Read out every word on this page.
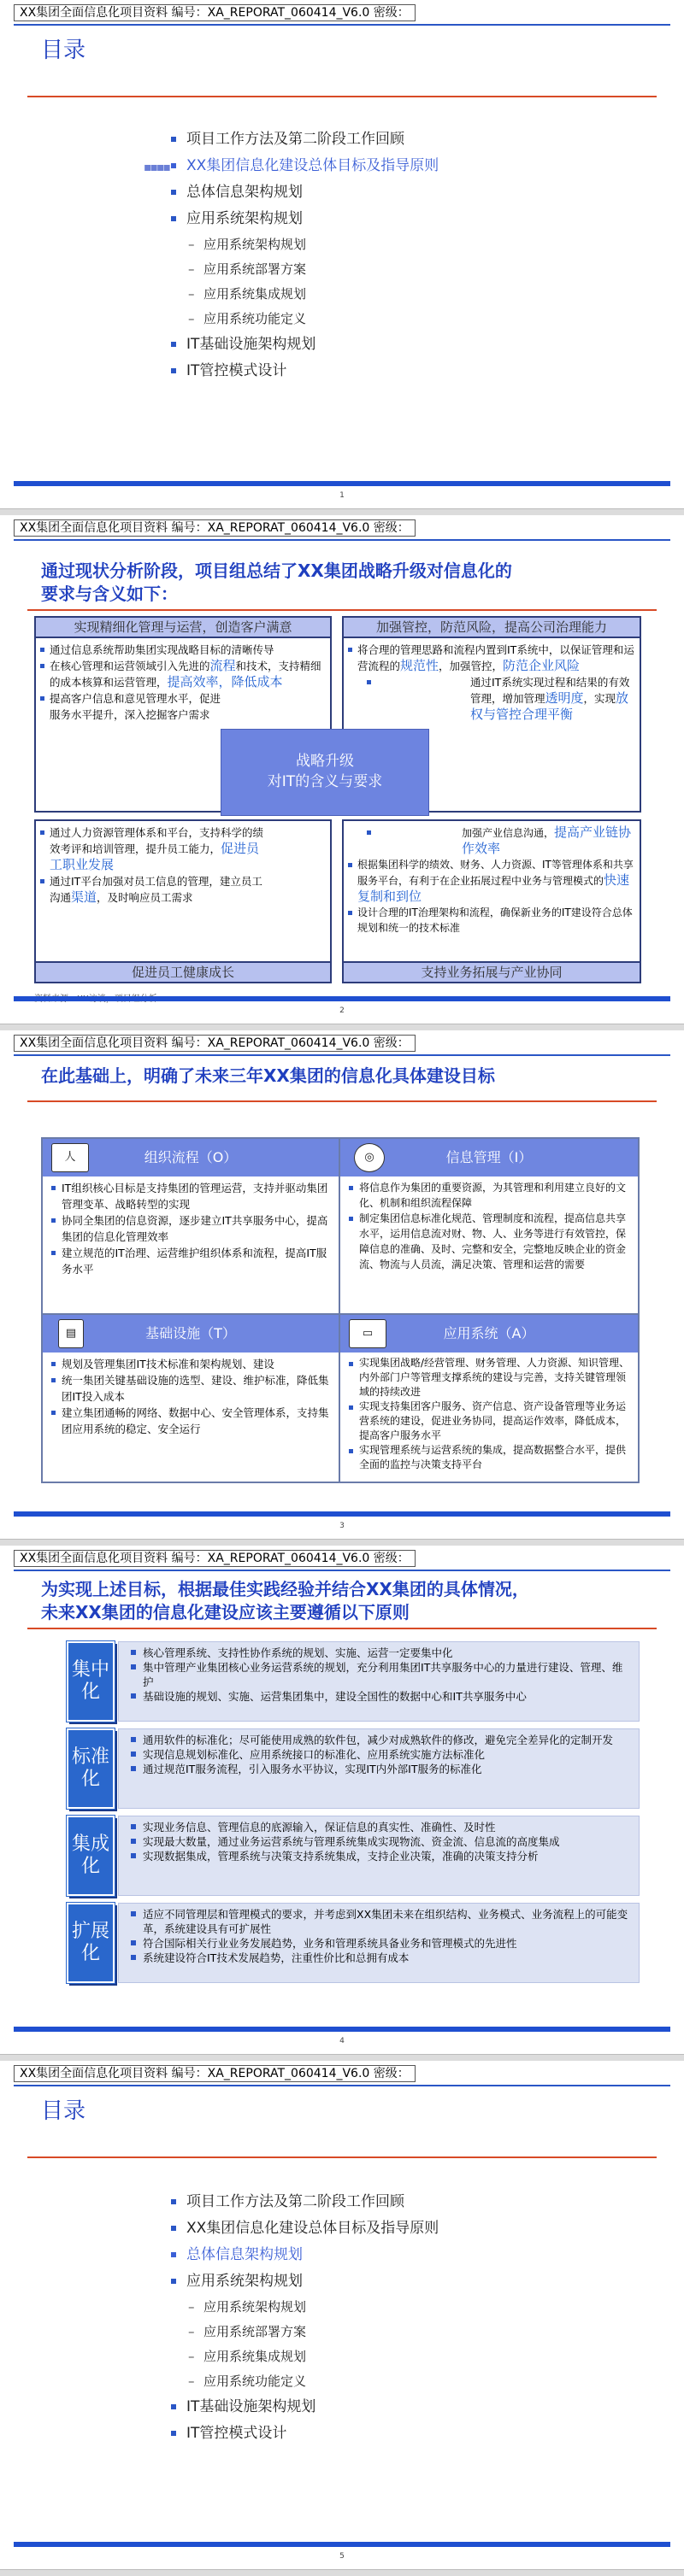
XX集团全面信息化项目资料 编号：XA_REPORAT_060414_V6.0 密级：
目录
▪▪▪▪
项目工作方法及第二阶段工作回顾
XX集团信息化建设总体目标及指导原则
总体信息架构规划
应用系统架构规划
– 应用系统架构规划
– 应用系统部署方案
– 应用系统集成规划
– 应用系统功能定义
IT基础设施架构规划
IT管控模式设计
1
XX集团全面信息化项目资料 编号：XA_REPORAT_060414_V6.0 密级：
通过现状分析阶段，项目组总结了XX集团战略升级对信息化的
要求与含义如下：
实现精细化管理与运营，创造客户满意
通过信息系统帮助集团实现战略目标的清晰传导
在核心管理和运营领域引入先进的流程和技术，支持精细的成本核算和运营管理，提高效率，降低成本
提高客户信息和意见管理水平，促进服务水平提升，深入挖掘客户需求
加强管控，防范风险，提高公司治理能力
将合理的管理思路和流程内置到IT系统中，以保证管理和运营流程的规范性，加强管控，防范企业风险
通过IT系统实现过程和结果的有效管理，增加管理透明度，实现放权与管控合理平衡
通过人力资源管理体系和平台，支持科学的绩效考评和培训管理，提升员工能力，促进员工职业发展
通过IT平台加强对员工信息的管理，建立员工沟通渠道，及时响应员工需求
促进员工健康成长
加强产业信息沟通，提高产业链协作效率
根据集团科学的绩效、财务、人力资源、IT等管理体系和共享服务平台，有利于在企业拓展过程中业务与管理模式的快速复制和到位
设计合理的IT治理架构和流程，确保新业务的IT建设符合总体规划和统一的技术标准
支持业务拓展与产业协同
战略升级
对IT的含义与要求
2
XX集团全面信息化项目资料 编号：XA_REPORAT_060414_V6.0 密级：
在此基础上，明确了未来三年XX集团的信息化具体建设目标
人	组织流程（O）
IT组织核心目标是支持集团的管理运营，支持并驱动集团管理变革、战略转型的实现
协同全集团的信息资源，逐步建立IT共享服务中心，提高集团的信息化管理效率
建立规范的IT治理、运营维护组织体系和流程，提高IT服务水平
◎	信息管理（I）
将信息作为集团的重要资源，为其管理和利用建立良好的文化、机制和组织流程保障
制定集团信息标准化规范、管理制度和流程，提高信息共享水平，运用信息流对财、物、人、业务等进行有效管控，保障信息的准确、及时、完整和安全，完整地反映企业的资金流、物流与人员流，满足决策、管理和运营的需要
▤	基础设施（T）
规划及管理集团IT技术标准和架构规划、建设
统一集团关键基础设施的选型、建设、维护标准，降低集团IT投入成本
建立集团通畅的网络、数据中心、安全管理体系，支持集团应用系统的稳定、安全运行
▭	应用系统（A）
实现集团战略/经营管理、财务管理、人力资源、知识管理、内外部门户等管理支撑系统的建设与完善，支持关键管理领域的持续改进
实现支持集团客户服务、资产信息、资产设备管理等业务运营系统的建设，促进业务协同，提高运作效率，降低成本，提高客户服务水平
实现管理系统与运营系统的集成，提高数据整合水平，提供全面的监控与决策支持平台
3
XX集团全面信息化项目资料 编号：XA_REPORAT_060414_V6.0 密级：
为实现上述目标，根据最佳实践经验并结合XX集团的具体情况，
未来XX集团的信息化建设应该主要遵循以下原则
集中化
核心管理系统、支持性协作系统的规划、实施、运营一定要集中化
集中管理产业集团核心业务运营系统的规划，充分利用集团IT共享服务中心的力量进行建设、管理、维护
基础设施的规划、实施、运营集团集中，建设全国性的数据中心和IT共享服务中心
标准化
通用软件的标准化；尽可能使用成熟的软件包，减少对成熟软件的修改，避免完全差异化的定制开发
实现信息规划标准化、应用系统接口的标准化、应用系统实施方法标准化
通过规范IT服务流程，引入服务水平协议，实现IT内外部IT服务的标准化
集成化
实现业务信息、管理信息的底源输入，保证信息的真实性、准确性、及时性
实现最大数量，通过业务运营系统与管理系统集成实现物流、资金流、信息流的高度集成
实现数据集成，管理系统与决策支持系统集成，支持企业决策，准确的决策支持分析
扩展化
适应不同管理层和管理模式的要求，并考虑到XX集团未来在组织结构、业务模式、业务流程上的可能变革，系统建设具有可扩展性
符合国际相关行业业务发展趋势，业务和管理系统具备业务和管理模式的先进性
系统建设符合IT技术发展趋势，注重性价比和总拥有成本
4
XX集团全面信息化项目资料 编号：XA_REPORAT_060414_V6.0 密级：
目录
项目工作方法及第二阶段工作回顾
XX集团信息化建设总体目标及指导原则
总体信息架构规划
应用系统架构规划
– 应用系统架构规划
– 应用系统部署方案
– 应用系统集成规划
– 应用系统功能定义
IT基础设施架构规划
IT管控模式设计
5
